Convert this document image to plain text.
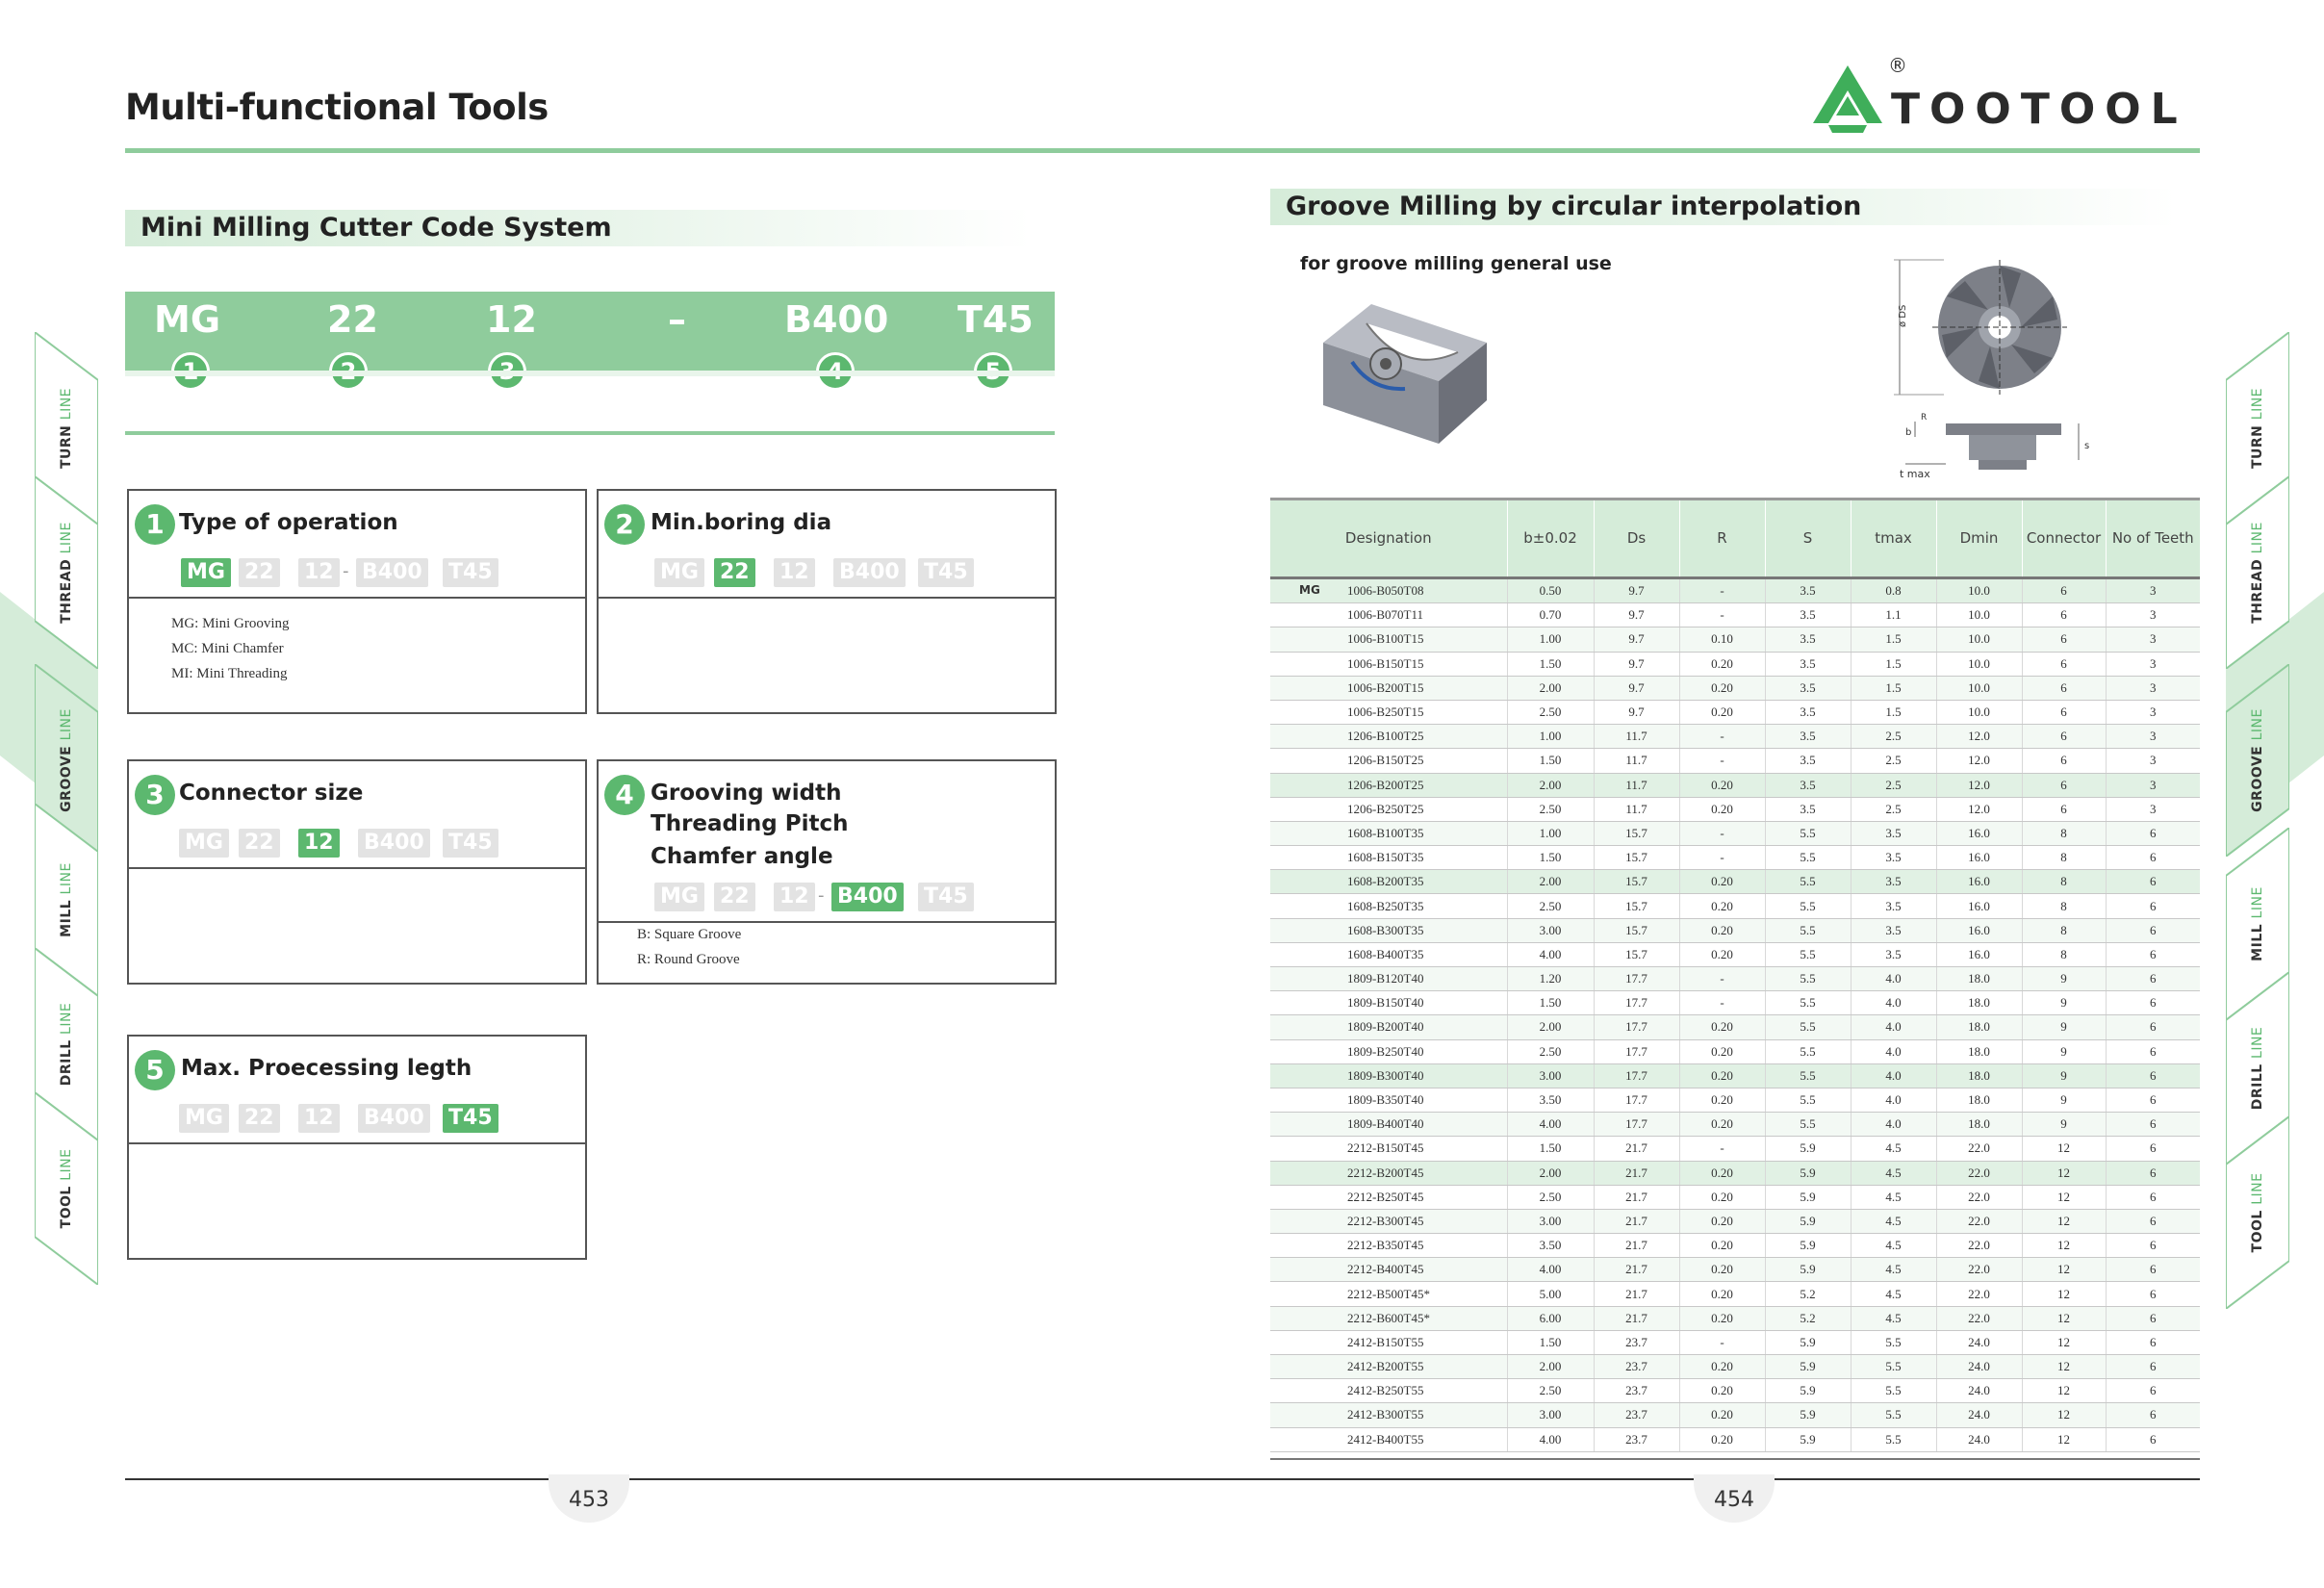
Multi-functional Tools
®
TOOTOOL
TURN LINE
THREAD LINE
GROOVE LINE
MILL LINE
DRILL LINE
TOOL LINE
TURN LINE
THREAD LINE
GROOVE LINE
MILL LINE
DRILL LINE
TOOL LINE
Mini Milling Cutter Code System
MG	22	12	–	B400 T45
1 Type of operation
MG 22 12 - B400 T45
MG: Mini Grooving
MC: Mini Chamfer
MI: Mini Threading
2 Min.boring dia
MG 22 12 B400 T45
3 Connector size
MG 22 12 B400 T45
4 Grooving width
Threading Pitch
Chamfer angle
MG 22 12 - B400 T45
B: Square Groove
R: Round Groove
5 Max. Proecessing legth
MG 22 12 B400 T45
Groove Milling by circular interpolation
for groove milling general use
ø DS
b
R
s
t max
Designation	b±0.02	Ds	R	S	tmax	Dmin	Connector	No of Teeth

MG 1006-B050T08	0.50	9.7	-	3.5	0.8	10.0	6	3
1006-B070T11	0.70	9.7	-	3.5	1.1	10.0	6	3
1006-B100T15	1.00	9.7	0.10	3.5	1.5	10.0	6	3
1006-B150T15	1.50	9.7	0.20	3.5	1.5	10.0	6	3
1006-B200T15	2.00	9.7	0.20	3.5	1.5	10.0	6	3
1006-B250T15	2.50	9.7	0.20	3.5	1.5	10.0	6	3
1206-B100T25	1.00	11.7	-	3.5	2.5	12.0	6	3
1206-B150T25	1.50	11.7	-	3.5	2.5	12.0	6	3
1206-B200T25	2.00	11.7	0.20	3.5	2.5	12.0	6	3
1206-B250T25	2.50	11.7	0.20	3.5	2.5	12.0	6	3
1608-B100T35	1.00	15.7	-	5.5	3.5	16.0	8	6
1608-B150T35	1.50	15.7	-	5.5	3.5	16.0	8	6
1608-B200T35	2.00	15.7	0.20	5.5	3.5	16.0	8	6
1608-B250T35	2.50	15.7	0.20	5.5	3.5	16.0	8	6
1608-B300T35	3.00	15.7	0.20	5.5	3.5	16.0	8	6
1608-B400T35	4.00	15.7	0.20	5.5	3.5	16.0	8	6
1809-B120T40	1.20	17.7	-	5.5	4.0	18.0	9	6
1809-B150T40	1.50	17.7	-	5.5	4.0	18.0	9	6
1809-B200T40	2.00	17.7	0.20	5.5	4.0	18.0	9	6
1809-B250T40	2.50	17.7	0.20	5.5	4.0	18.0	9	6
1809-B300T40	3.00	17.7	0.20	5.5	4.0	18.0	9	6
1809-B350T40	3.50	17.7	0.20	5.5	4.0	18.0	9	6
1809-B400T40	4.00	17.7	0.20	5.5	4.0	18.0	9	6
2212-B150T45	1.50	21.7	-	5.9	4.5	22.0	12	6
2212-B200T45	2.00	21.7	0.20	5.9	4.5	22.0	12	6
2212-B250T45	2.50	21.7	0.20	5.9	4.5	22.0	12	6
2212-B300T45	3.00	21.7	0.20	5.9	4.5	22.0	12	6
2212-B350T45	3.50	21.7	0.20	5.9	4.5	22.0	12	6
2212-B400T45	4.00	21.7	0.20	5.9	4.5	22.0	12	6
2212-B500T45*	5.00	21.7	0.20	5.2	4.5	22.0	12	6
2212-B600T45*	6.00	21.7	0.20	5.2	4.5	22.0	12	6
2412-B150T55	1.50	23.7	-	5.9	5.5	24.0	12	6
2412-B200T55	2.00	23.7	0.20	5.9	5.5	24.0	12	6
2412-B250T55	2.50	23.7	0.20	5.9	5.5	24.0	12	6
2412-B300T55	3.00	23.7	0.20	5.9	5.5	24.0	12	6
2412-B400T55	4.00	23.7	0.20	5.9	5.5	24.0	12	6
453	454
